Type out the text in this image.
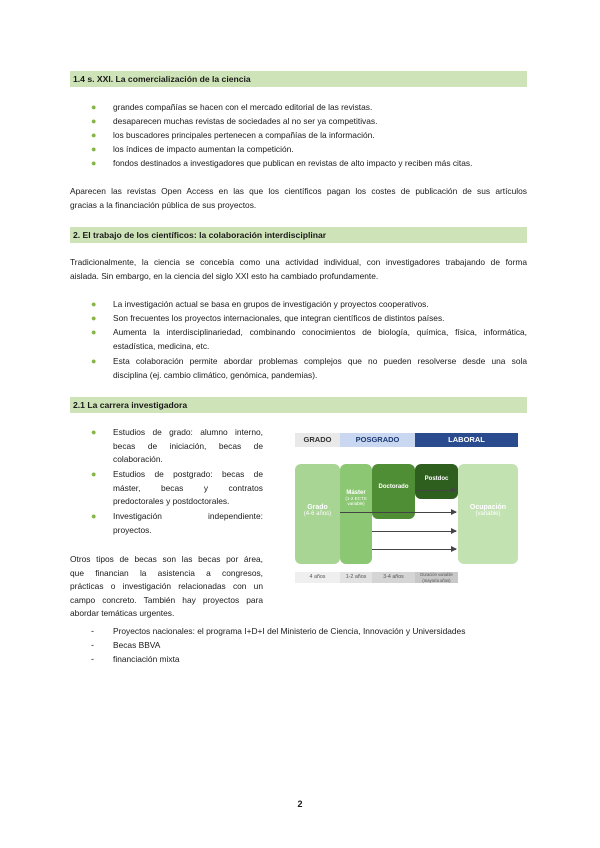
1.4 s. XXI. La comercialización de la ciencia
● grandes compañías se hacen con el mercado editorial de las revistas.
● desaparecen muchas revistas de sociedades al no ser ya competitivas.
● los buscadores principales pertenecen a compañías de la información.
● los índices de impacto aumentan la competición.
● fondos destinados a investigadores que publican en revistas de alto impacto y reciben más citas.
Aparecen las revistas Open Access en las que los científicos pagan los costes de publicación de sus artículos
gracias a la financiación pública de sus proyectos.
2. El trabajo de los científicos: la colaboración interdisciplinar
Tradicionalmente, la ciencia se concebía como una actividad individual, con investigadores trabajando de forma
aislada. Sin embargo, en la ciencia del siglo XXI esto ha cambiado profundamente.
● La investigación actual se basa en grupos de investigación y proyectos cooperativos.
● Son frecuentes los proyectos internacionales, que integran científicos de distintos países.
● Aumenta la interdisciplinariedad, combinando conocimientos de biología, química, física, informática,
estadística, medicina, etc.
● Esta colaboración permite abordar problemas complejos que no pueden resolverse desde una sola
disciplina (ej. cambio climático, genómica, pandemias).
2.1 La carrera investigadora
● Estudios de grado: alumno interno,
becas de iniciación, becas de
colaboración.
● Estudios de postgrado: becas de
máster, becas y contratos
predoctorales y postdoctorales.
● Investigación independiente:
proyectos.
Otros tipos de becas son las becas por área,
que financian la asistencia a congresos,
prácticas o investigación relacionadas con un
campo concreto. También hay proyectos para
abordar temáticas urgentes.
- Proyectos nacionales: el programa I+D+I del Ministerio de Ciencia, Innovación y Universidades
- Becas BBVA
- financiación mixta
GRADO	POSGRADO	LABORAL
Grado
(4-6 años)
Máster
(1-2 ECTS
variable)
Doctorado
Postdoc
Ocupación
(variable)
4 años	1-2 años	3-4 años	Duración variable (mayoría años)
2
